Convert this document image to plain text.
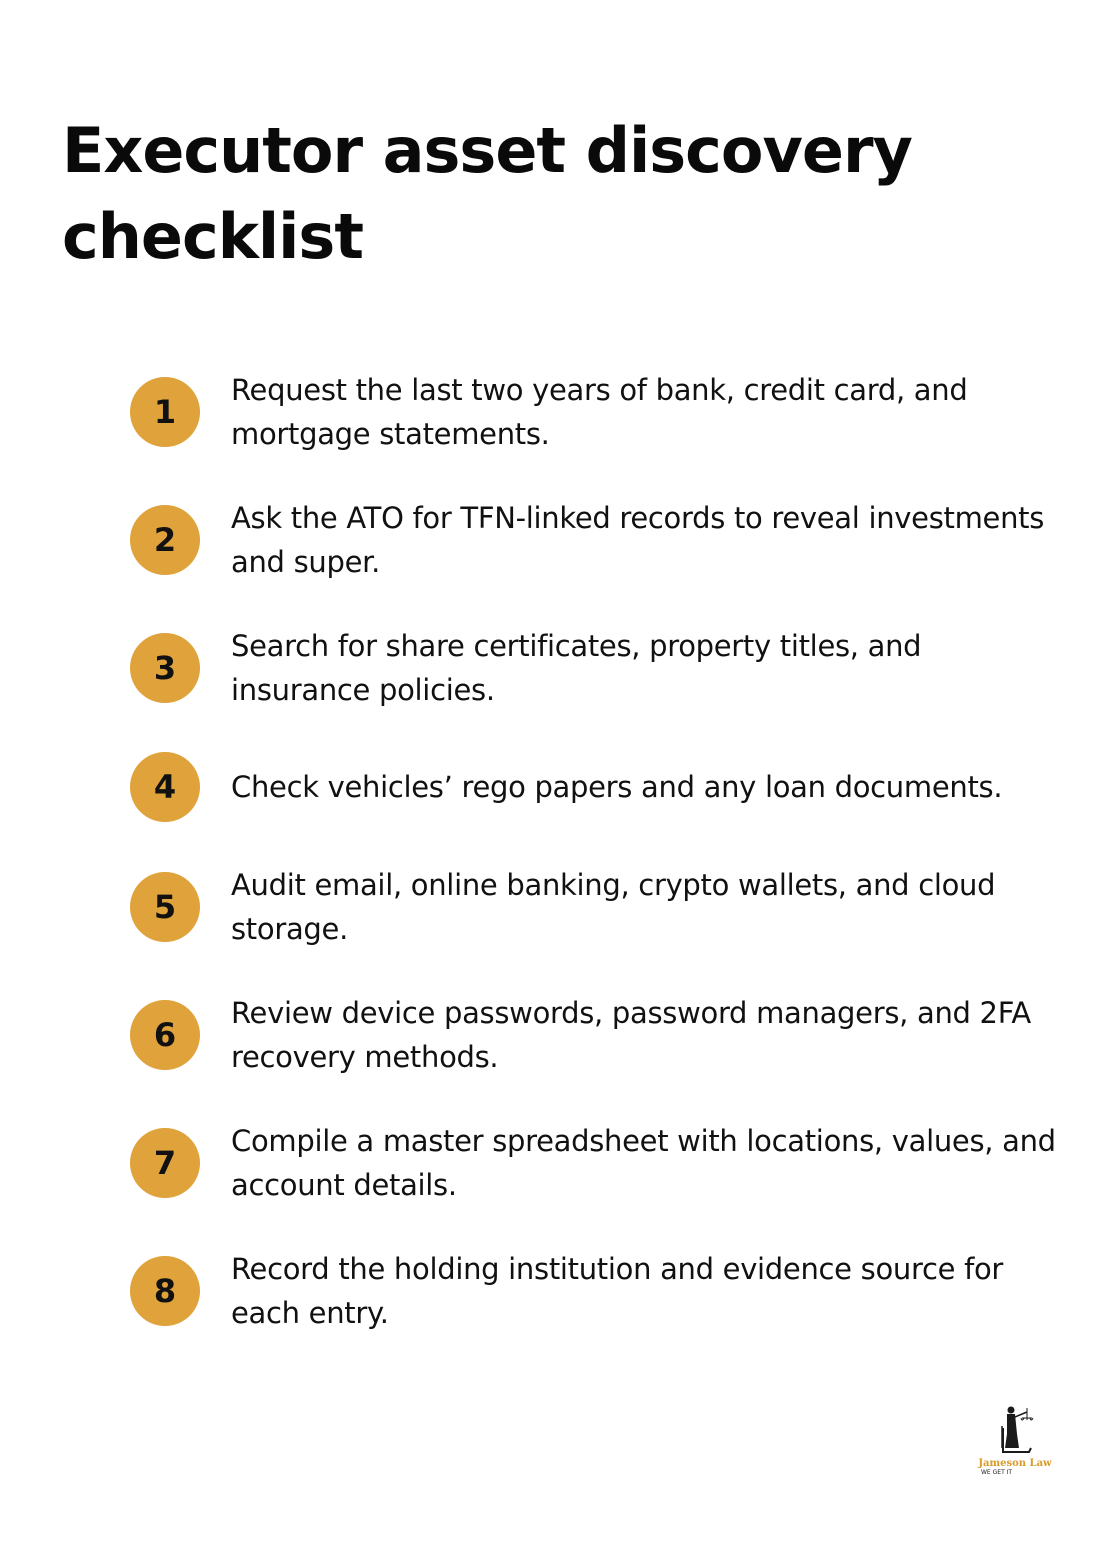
Executor asset discovery checklist
1
Request the last two years of bank, credit card, and mortgage statements.
2
Ask the ATO for TFN-linked records to reveal investments and super.
3
Search for share certificates, property titles, and insurance policies.
4	Check vehicles’ rego papers and any loan documents.
5
Audit email, online banking, crypto wallets, and cloud storage.
6
Review device passwords, password managers, and 2FA recovery methods.
7
Compile a master spreadsheet with locations, values, and account details.
8
Record the holding institution and evidence source for each entry.
Jameson Law
WE GET IT
